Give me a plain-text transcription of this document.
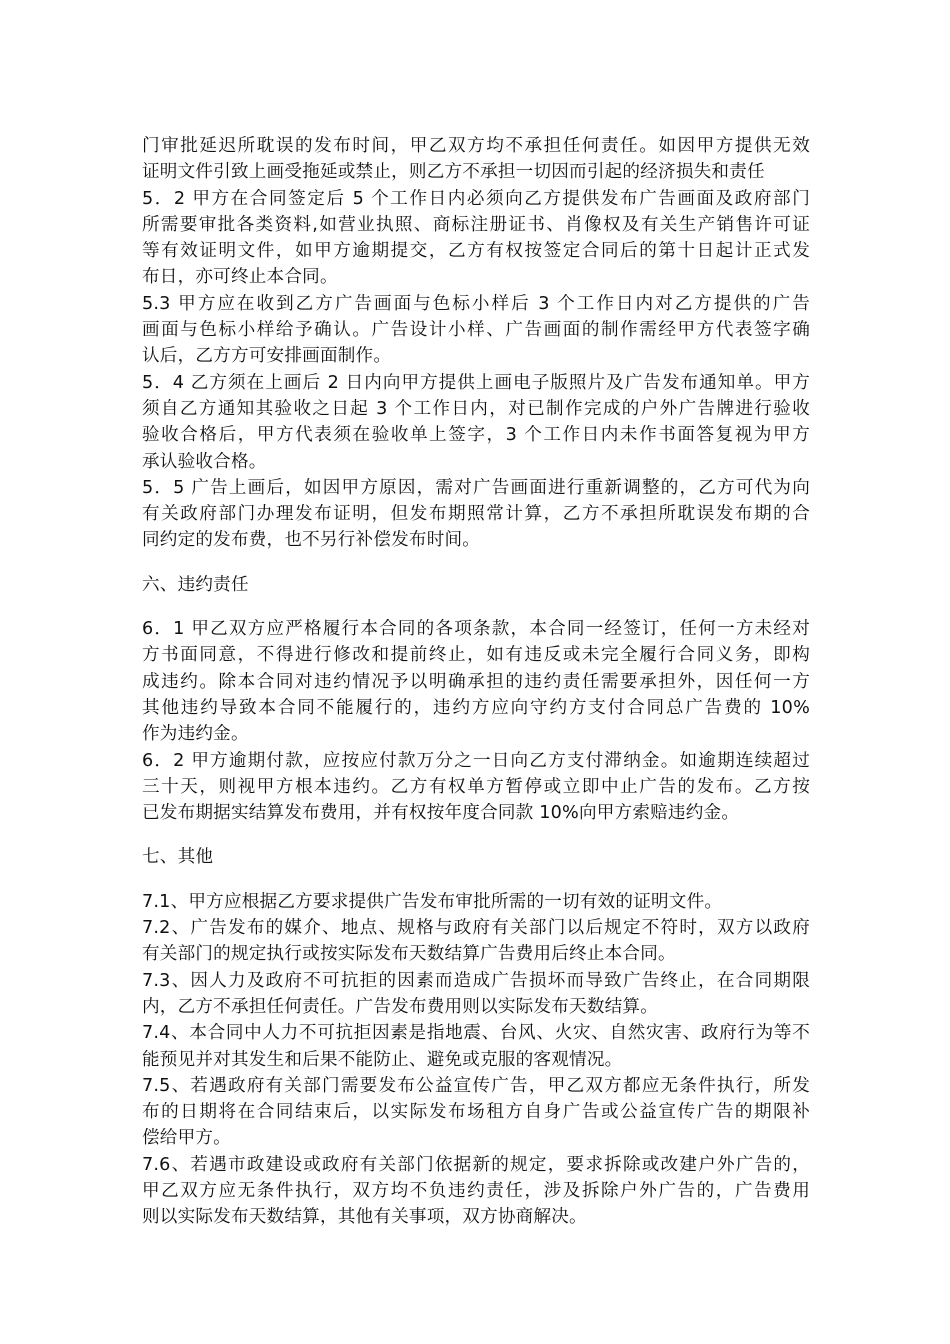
门审批延迟所耽误的发布时间，甲乙双方均不承担任何责任。如因甲方提供无效
证明文件引致上画受拖延或禁止，则乙方不承担一切因而引起的经济损失和责任
5．2 甲方在合同签定后 5 个工作日内必须向乙方提供发布广告画面及政府部门
所需要审批各类资料,如营业执照、商标注册证书、肖像权及有关生产销售许可证
等有效证明文件，如甲方逾期提交，乙方有权按签定合同后的第十日起计正式发
布日，亦可终止本合同。
5.3 甲方应在收到乙方广告画面与色标小样后 3 个工作日内对乙方提供的广告
画面与色标小样给予确认。广告设计小样、广告画面的制作需经甲方代表签字确
认后，乙方方可安排画面制作。
5．4 乙方须在上画后 2 日内向甲方提供上画电子版照片及广告发布通知单。甲方
须自乙方通知其验收之日起 3 个工作日内，对已制作完成的户外广告牌进行验收
验收合格后，甲方代表须在验收单上签字，3 个工作日内未作书面答复视为甲方
承认验收合格。
5．5 广告上画后，如因甲方原因，需对广告画面进行重新调整的，乙方可代为向
有关政府部门办理发布证明，但发布期照常计算，乙方不承担所耽误发布期的合
同约定的发布费，也不另行补偿发布时间。
六、违约责任
6．1 甲乙双方应严格履行本合同的各项条款，本合同一经签订，任何一方未经对
方书面同意，不得进行修改和提前终止，如有违反或未完全履行合同义务，即构
成违约。除本合同对违约情况予以明确承担的违约责任需要承担外，因任何一方
其他违约导致本合同不能履行的，违约方应向守约方支付合同总广告费的 10%
作为违约金。
6．2 甲方逾期付款，应按应付款万分之一日向乙方支付滞纳金。如逾期连续超过
三十天，则视甲方根本违约。乙方有权单方暂停或立即中止广告的发布。乙方按
已发布期据实结算发布费用，并有权按年度合同款 10%向甲方索赔违约金。
七、其他
7.1、甲方应根据乙方要求提供广告发布审批所需的一切有效的证明文件。
7.2、广告发布的媒介、地点、规格与政府有关部门以后规定不符时，双方以政府
有关部门的规定执行或按实际发布天数结算广告费用后终止本合同。
7.3、因人力及政府不可抗拒的因素而造成广告损坏而导致广告终止，在合同期限
内，乙方不承担任何责任。广告发布费用则以实际发布天数结算。
7.4、本合同中人力不可抗拒因素是指地震、台风、火灾、自然灾害、政府行为等不
能预见并对其发生和后果不能防止、避免或克服的客观情况。
7.5、若遇政府有关部门需要发布公益宣传广告，甲乙双方都应无条件执行，所发
布的日期将在合同结束后，以实际发布场租方自身广告或公益宣传广告的期限补
偿给甲方。
7.6、若遇市政建设或政府有关部门依据新的规定，要求拆除或改建户外广告的，
甲乙双方应无条件执行，双方均不负违约责任，涉及拆除户外广告的，广告费用
则以实际发布天数结算，其他有关事项，双方协商解决。
